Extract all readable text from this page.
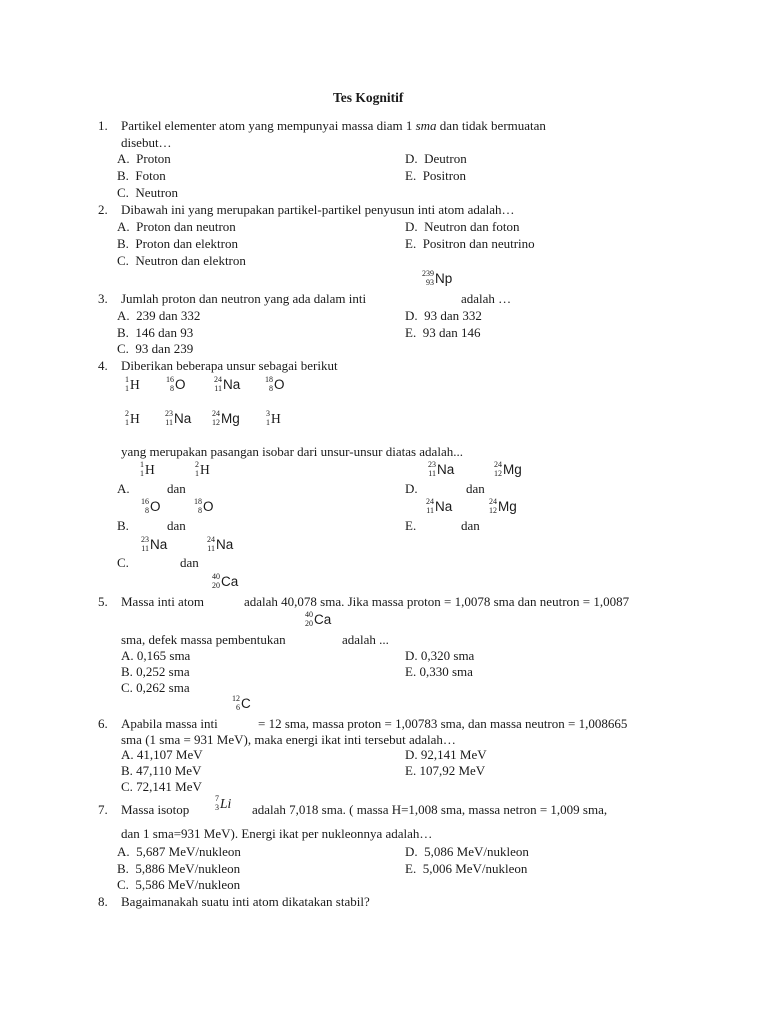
Tes Kognitif
1. Partikel elementer atom yang mempunyai massa diam 1 sma dan tidak bermuatan
disebut…
A. Proton
B. Foton
C. Neutron
D. Deutron
E. Positron
2. Dibawah ini yang merupakan partikel-partikel penyusun inti atom adalah…
A. Proton dan neutron
B. Proton dan elektron
C. Neutron dan elektron
D. Neutron dan foton
E. Positron dan neutrino
239
93 Np
3. Jumlah proton dan neutron yang ada dalam inti	adalah …
A. 239 dan 332
B. 146 dan 93
C. 93 dan 239
D. 93 dan 332
E. 93 dan 146
4. Diberikan beberapa unsur sebagai berikut
1
1 H	16
8 O	24
11 Na	18
8 O
2
1 H	23
11 Na	24
12 Mg	3
1 H
yang merupakan pasangan isobar dari unsur-unsur diatas adalah...
1
1 H	2
1 H
A.	dan
16
8 O	18
8 O
B.	dan
23
11 Na	24
11 Na
C.	dan
23
11 Na	24
12 Mg
D.	dan
24
11 Na	24
12 Mg
E.	dan
40
20 Ca
5. Massa inti atom	adalah 40,078 sma. Jika massa proton = 1,0078 sma dan neutron = 1,0087
40
20 Ca
sma, defek massa pembentukan	adalah ...
A. 0,165 sma
B. 0,252 sma
C. 0,262 sma
D. 0,320 sma
E. 0,330 sma
12
6 C
6. Apabila massa inti	= 12 sma, massa proton = 1,00783 sma, dan massa neutron = 1,008665
sma (1 sma = 931 MeV), maka energi ikat inti tersebut adalah…
A. 41,107 MeV
B. 47,110 MeV
C. 72,141 MeV
D. 92,141 MeV
E. 107,92 MeV
7. Massa isotop
7
3 Li adalah 7,018 sma. ( massa H=1,008 sma, massa netron = 1,009 sma,
dan 1 sma=931 MeV). Energi ikat per nukleonnya adalah…
A. 5,687 MeV/nukleon
B. 5,886 MeV/nukleon
C. 5,586 MeV/nukleon
D. 5,086 MeV/nukleon
E. 5,006 MeV/nukleon
8. Bagaimanakah suatu inti atom dikatakan stabil?
